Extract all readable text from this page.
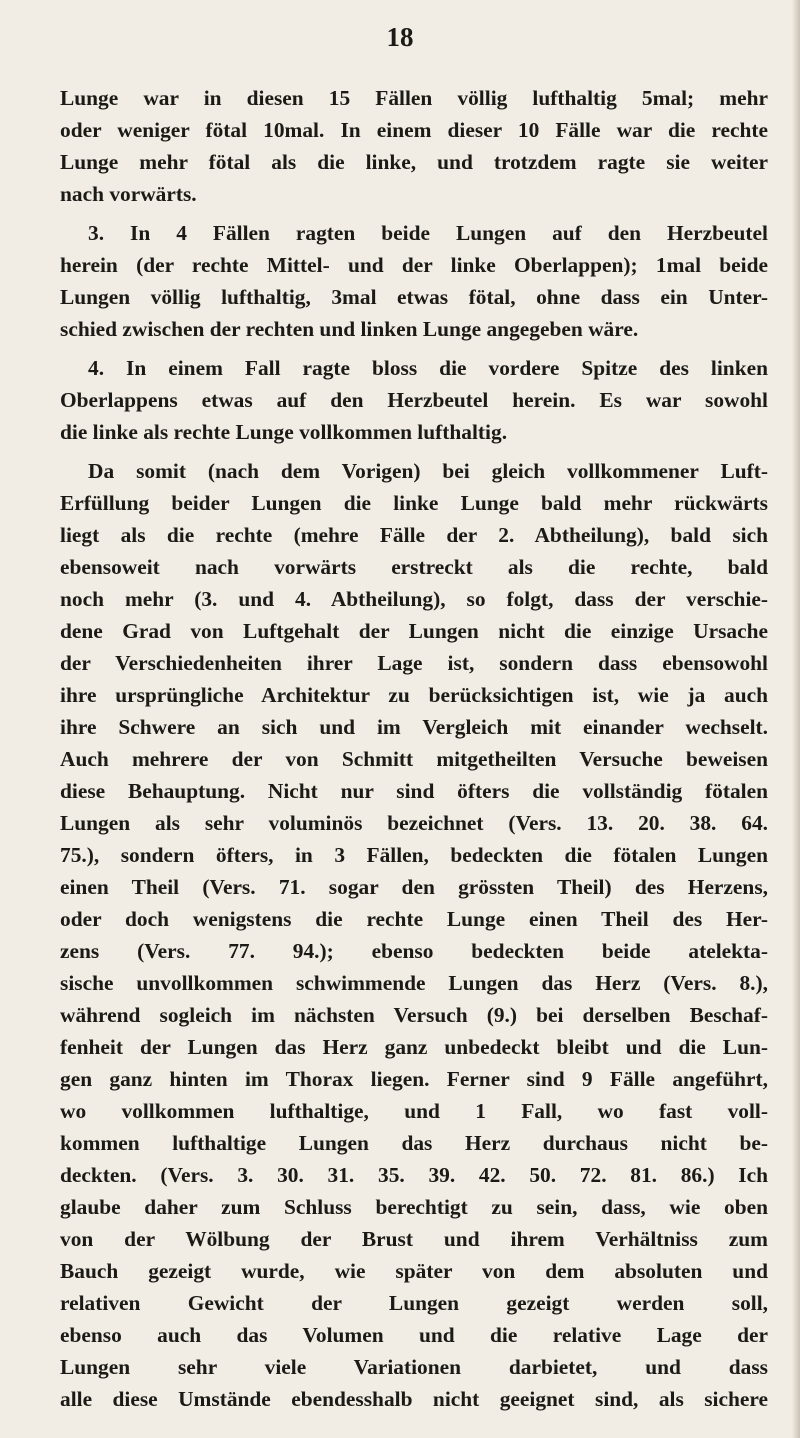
18
Lunge war in diesen 15 Fällen völlig lufthaltig 5mal; mehr
oder weniger fötal 10mal. In einem dieser 10 Fälle war die rechte
Lunge mehr fötal als die linke, und trotzdem ragte sie weiter
nach vorwärts.
3. In 4 Fällen ragten beide Lungen auf den Herzbeutel
herein (der rechte Mittel- und der linke Oberlappen); 1mal beide
Lungen völlig lufthaltig, 3mal etwas fötal, ohne dass ein Unter-
schied zwischen der rechten und linken Lunge angegeben wäre.
4. In einem Fall ragte bloss die vordere Spitze des linken
Oberlappens etwas auf den Herzbeutel herein. Es war sowohl
die linke als rechte Lunge vollkommen lufthaltig.
Da somit (nach dem Vorigen) bei gleich vollkommener Luft-
Erfüllung beider Lungen die linke Lunge bald mehr rückwärts
liegt als die rechte (mehre Fälle der 2. Abtheilung), bald sich
ebensoweit nach vorwärts erstreckt als die rechte, bald
noch mehr (3. und 4. Abtheilung), so folgt, dass der verschie-
dene Grad von Luftgehalt der Lungen nicht die einzige Ursache
der Verschiedenheiten ihrer Lage ist, sondern dass ebensowohl
ihre ursprüngliche Architektur zu berücksichtigen ist, wie ja auch
ihre Schwere an sich und im Vergleich mit einander wechselt.
Auch mehrere der von Schmitt mitgetheilten Versuche beweisen
diese Behauptung. Nicht nur sind öfters die vollständig fötalen
Lungen als sehr voluminös bezeichnet (Vers. 13. 20. 38. 64.
75.), sondern öfters, in 3 Fällen, bedeckten die fötalen Lungen
einen Theil (Vers. 71. sogar den grössten Theil) des Herzens,
oder doch wenigstens die rechte Lunge einen Theil des Her-
zens (Vers. 77. 94.); ebenso bedeckten beide atelekta-
sische unvollkommen schwimmende Lungen das Herz (Vers. 8.),
während sogleich im nächsten Versuch (9.) bei derselben Beschaf-
fenheit der Lungen das Herz ganz unbedeckt bleibt und die Lun-
gen ganz hinten im Thorax liegen. Ferner sind 9 Fälle angeführt,
wo vollkommen lufthaltige, und 1 Fall, wo fast voll-
kommen lufthaltige Lungen das Herz durchaus nicht be-
deckten. (Vers. 3. 30. 31. 35. 39. 42. 50. 72. 81. 86.) Ich
glaube daher zum Schluss berechtigt zu sein, dass, wie oben
von der Wölbung der Brust und ihrem Verhältniss zum
Bauch gezeigt wurde, wie später von dem absoluten und
relativen Gewicht der Lungen gezeigt werden soll,
ebenso auch das Volumen und die relative Lage der
Lungen sehr viele Variationen darbietet, und dass
alle diese Umstände ebendesshalb nicht geeignet sind, als sichere
